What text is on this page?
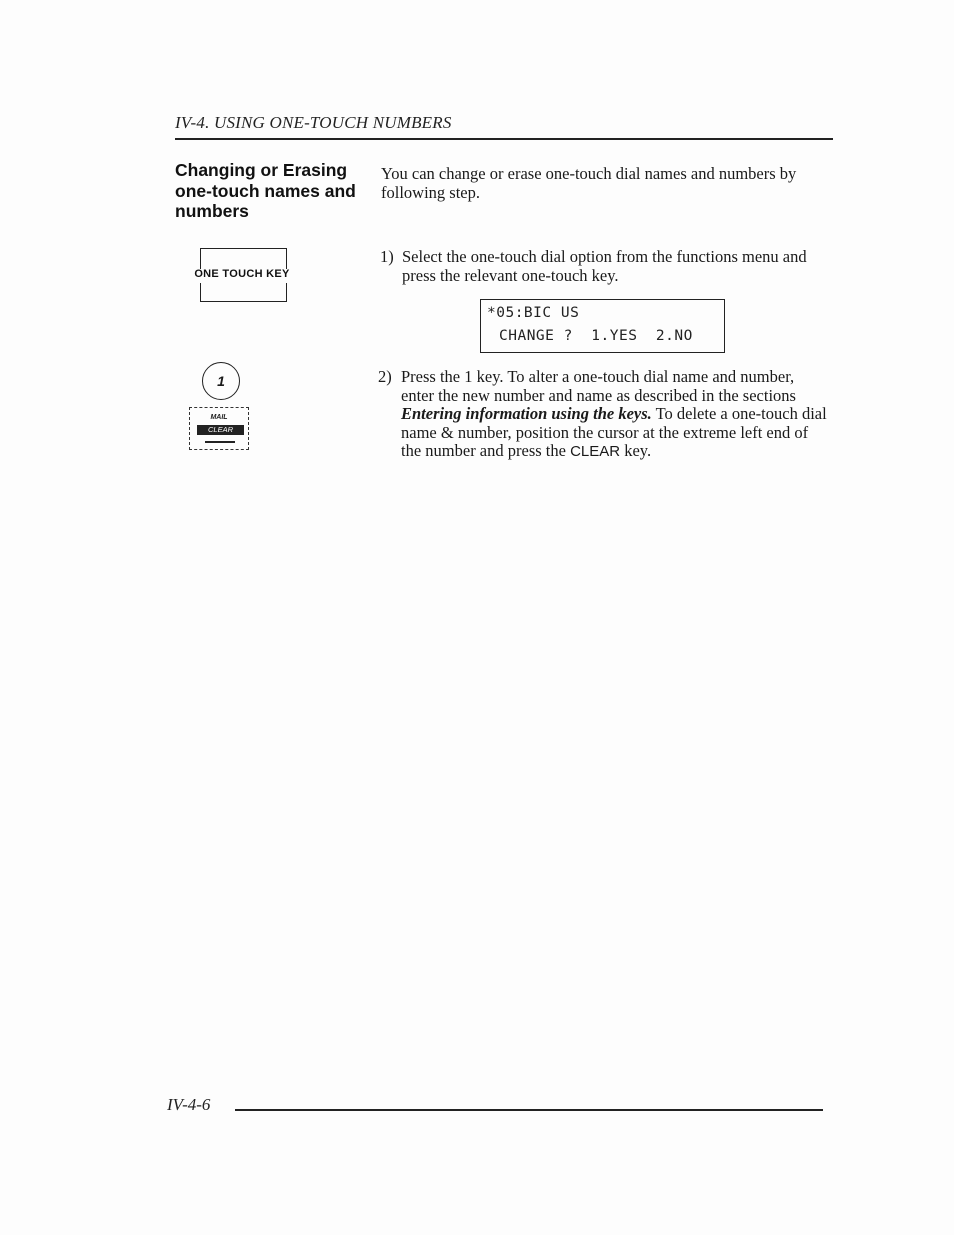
IV-4. USING ONE-TOUCH NUMBERS
Changing or Erasing one-touch names and numbers
You can change or erase one-touch dial names and numbers by following step.
ONE TOUCH KEY
1) Select the one-touch dial option from the functions menu and press the relevant one-touch key.
*05:BIC US
CHANGE ?  1.YES  2.NO
1
MAIL
CLEAR
2) Press the 1 key. To alter a one-touch dial name and number, enter the new number and name as described in the sections Entering information using the keys. To delete a one-touch dial name & number, position the cursor at the extreme left end of the number and press the CLEAR key.
IV-4-6
